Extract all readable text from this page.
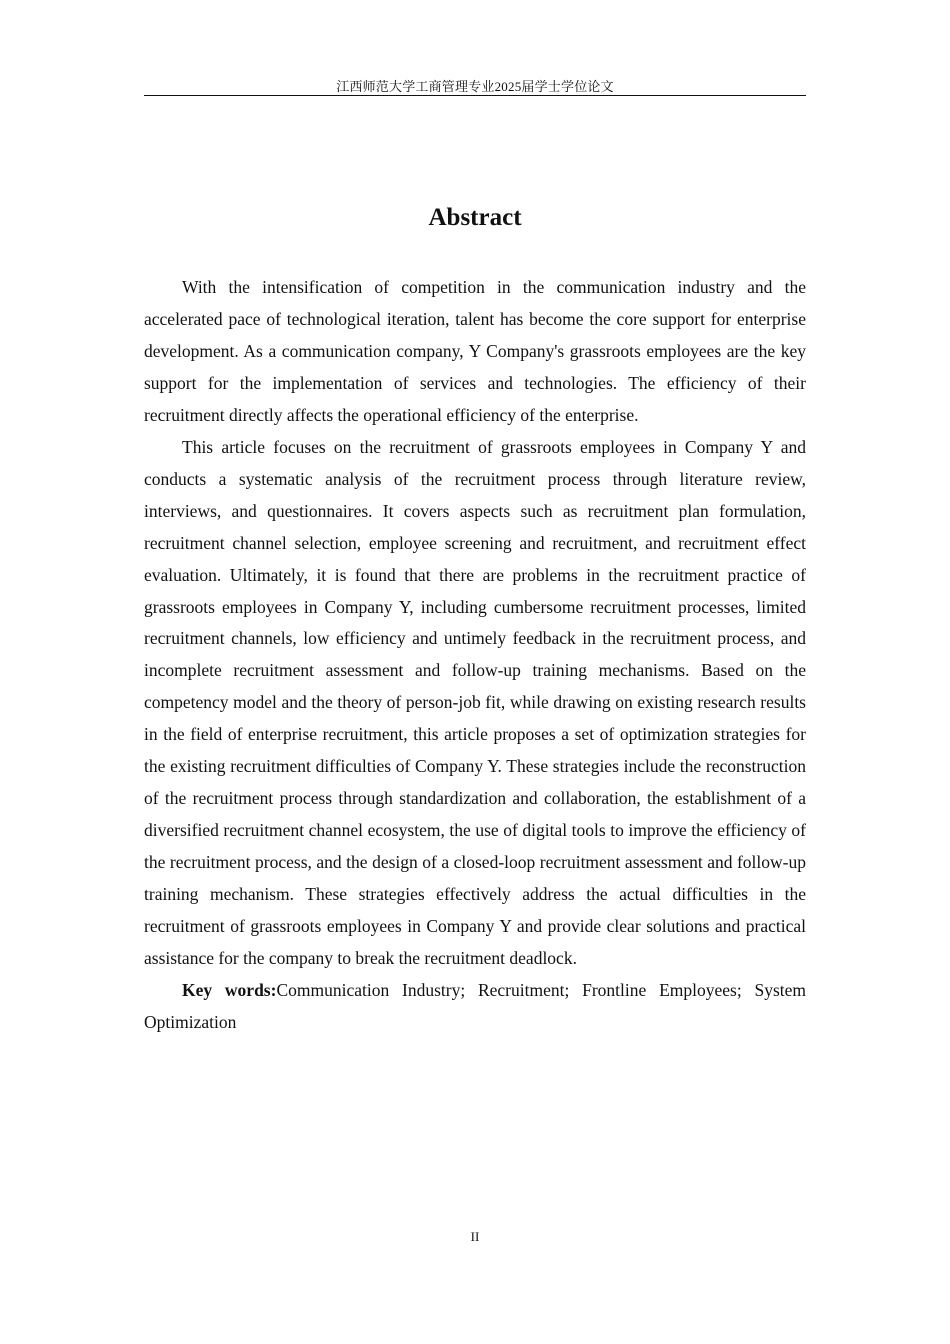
江西师范大学工商管理专业2025届学士学位论文
Abstract

With the intensification of competition in the communication industry and the accelerated pace of technological iteration, talent has become the core support for enterprise development. As a communication company, Y Company's grassroots employees are the key support for the implementation of services and technologies. The efficiency of their recruitment directly affects the operational efficiency of the enterprise.

This article focuses on the recruitment of grassroots employees in Company Y and conducts a systematic analysis of the recruitment process through literature review, interviews, and questionnaires. It covers aspects such as recruitment plan formulation, recruitment channel selection, employee screening and recruitment, and recruitment effect evaluation. Ultimately, it is found that there are problems in the recruitment practice of grassroots employees in Company Y, including cumbersome recruitment processes, limited recruitment channels, low efficiency and untimely feedback in the recruitment process, and incomplete recruitment assessment and follow-up training mechanisms. Based on the competency model and the theory of person-job fit, while drawing on existing research results in the field of enterprise recruitment, this article proposes a set of optimization strategies for the existing recruitment difficulties of Company Y. These strategies include the reconstruction of the recruitment process through standardization and collaboration, the establishment of a diversified recruitment channel ecosystem, the use of digital tools to improve the efficiency of the recruitment process, and the design of a closed-loop recruitment assessment and follow-up training mechanism. These strategies effectively address the actual difficulties in the recruitment of grassroots employees in Company Y and provide clear solutions and practical assistance for the company to break the recruitment deadlock.

Key words:Communication Industry; Recruitment; Frontline Employees; System Optimization

II
